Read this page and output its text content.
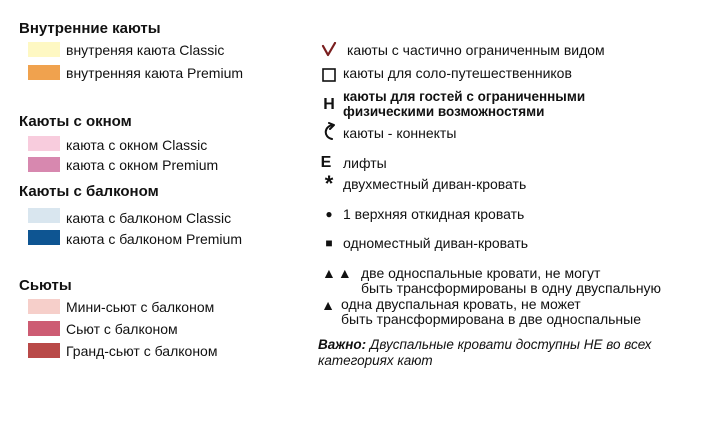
Внутренние каюты
внутреняя каюта Classic
внутренняя каюта Premium
Каюты с окном
каюта с окном Classic
каюта с окном Premium
Каюты с балконом
каюта с балконом Classic
каюта с балконом Premium
Сьюты
Мини-сьют с балконом
Сьют с балконом
Гранд-сьют с балконом
каюты с частично ограниченным видом
каюты для соло-путешественников
H каюты для гостей с ограниченными
физическими возможностями
каюты - коннекты
E лифты
* двухместный диван-кровать
● 1 верхняя откидная кровать
■ одноместный диван-кровать
▲▲ две односпальные кровати, не могут
быть трансформированы в одну двуспальную
▲ одна двуспальная кровать, не может
быть трансформирована в две односпальные
Важно: Двуспальные кровати доступны НЕ во всех
категориях кают
